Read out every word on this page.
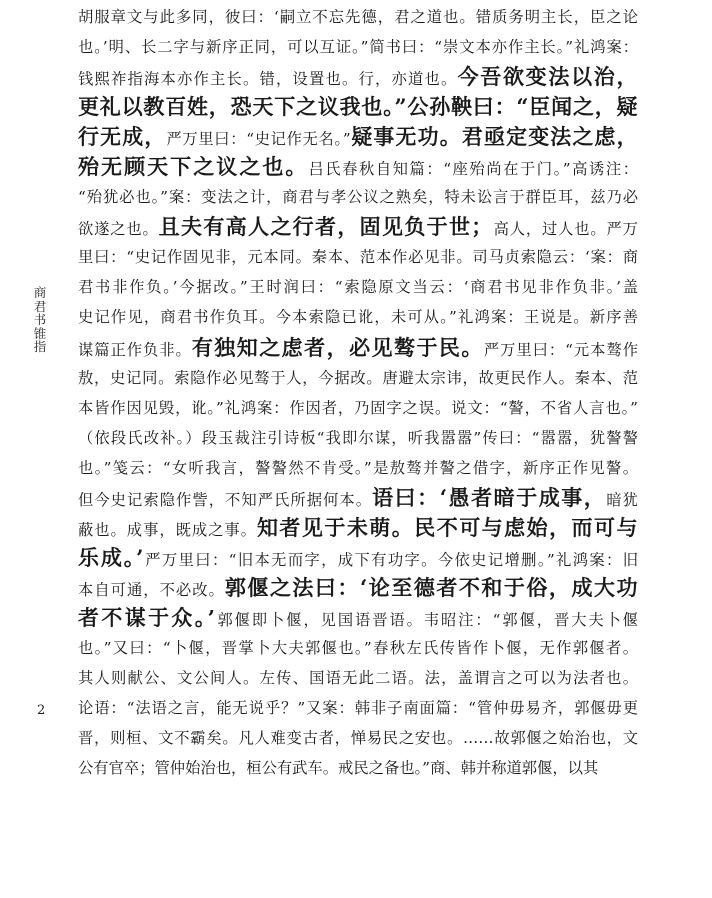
商君书锥指
2
胡服章文与此多同，彼曰：‘嗣立不忘先德，君之道也。错质务明主长，臣之论
也。’明、长二字与新序正同，可以互证。”简书曰：“崇文本亦作主长。”礼鸿案：
钱熙祚指海本亦作主长。错，设置也。行，亦道也。今吾欲变法以治，
更礼以教百姓，恐天下之议我也。”公孙鞅曰：“臣闻之，疑
行无成，严万里曰：“史记作无名。”疑事无功。君亟定变法之虑，
殆无顾天下之议之也。吕氏春秋自知篇：“座殆尚在于门。”高诱注：
“殆犹必也。”案：变法之计，商君与孝公议之熟矣，特未讼言于群臣耳，兹乃必
欲遂之也。且夫有高人之行者，固见负于世；高人，过人也。严万
里曰：“史记作固见非，元本同。秦本、范本作必见非。司马贞索隐云：‘案：商
君书非作负。’今据改。”王时润曰：“索隐原文当云：‘商君书见非作负非。’盖
史记作见，商君书作负耳。今本索隐已讹，未可从。”礼鸿案：王说是。新序善
谋篇正作负非。有独知之虑者，必见骜于民。严万里曰：“元本骜作
敖，史记同。索隐作必见骜于人，今据改。唐避太宗讳，故更民作人。秦本、范
本皆作因见毁，讹。”礼鸿案：作因者，乃固字之误。说文：“謷，不省人言也。”
（依段氏改补。）段玉裁注引诗板“我即尔谋，听我嚣嚣”传曰：“嚣嚣，犹謷謷
也。”笺云：“女听我言，謷謷然不肯受。”是敖骜并謷之借字，新序正作见謷。
但今史记索隐作訾，不知严氏所据何本。语曰：‘愚者暗于成事，暗犹
蔽也。成事，既成之事。知者见于未萌。民不可与虑始，而可与
乐成。’严万里曰：“旧本无而字，成下有功字。今依史记增删。”礼鸿案：旧
本自可通，不必改。郭偃之法曰：‘论至德者不和于俗，成大功
者不谋于众。’郭偃即卜偃，见国语晋语。韦昭注：“郭偃，晋大夫卜偃
也。”又曰：“卜偃，晋掌卜大夫郭偃也。”春秋左氏传皆作卜偃，无作郭偃者。
其人则献公、文公间人。左传、国语无此二语。法，盖谓言之可以为法者也。
论语：“法语之言，能无说乎？”又案：韩非子南面篇：“管仲毋易齐，郭偃毋更
晋，则桓、文不霸矣。凡人难变古者，惮易民之安也。……故郭偃之始治也，文
公有官卒；管仲始治也，桓公有武车。戒民之备也。”商、韩并称道郭偃，以其
